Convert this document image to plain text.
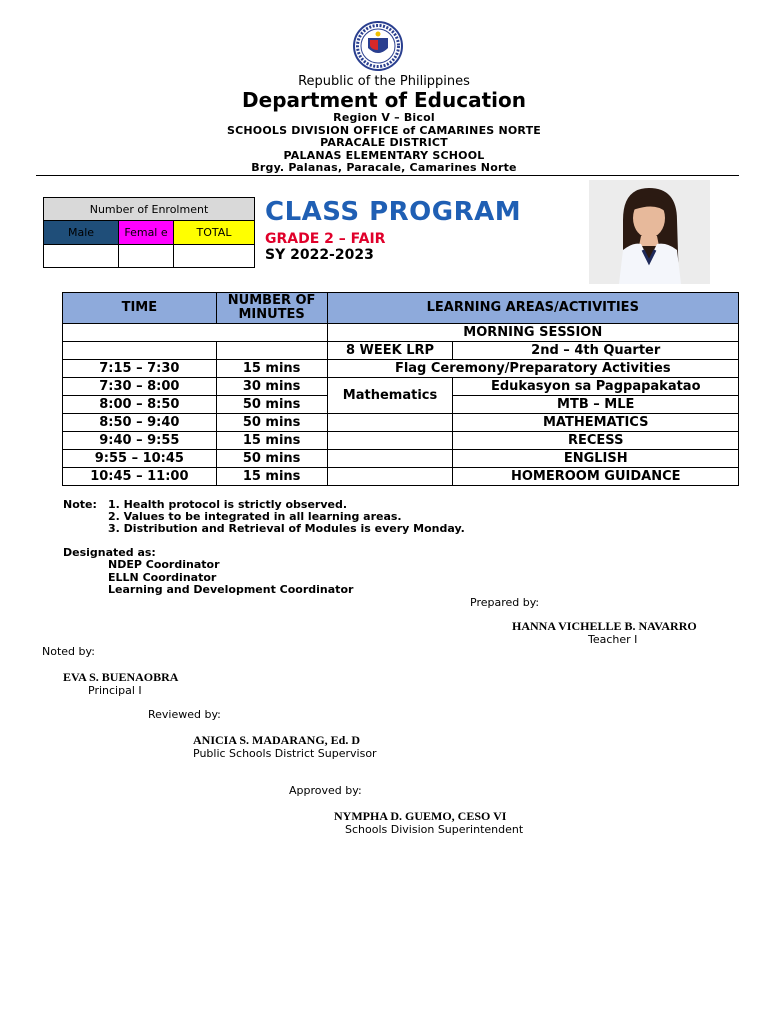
Republic of the Philippines
Department of Education
Region V – Bicol
SCHOOLS DIVISION OFFICE of CAMARINES NORTE
PARACALE DISTRICT
PALANAS ELEMENTARY SCHOOL
Brgy. Palanas, Paracale, Camarines Norte
Number of Enrolment		
Male	Femal e	TOTAL

CLASS PROGRAM
GRADE 2 – FAIR
SY 2022-2023
TIME	NUMBER OF MINUTES	LEARNING AREAS/ACTIVITIES	
		MORNING SESSION	
		8 WEEK LRP	2nd – 4th Quarter
7:15 – 7:30	15 mins	Flag Ceremony/Preparatory Activities	
7:30 – 8:00	30 mins	Mathematics	Edukasyon sa Pagpapakatao
8:00 – 8:50	50 mins		MTB – MLE
8:50 – 9:40	50 mins		MATHEMATICS
9:40 – 9:55	15 mins		RECESS
9:55 – 10:45	50 mins		ENGLISH
10:45 – 11:00	15 mins		HOMEROOM GUIDANCE
Note: 1. Health protocol is strictly observed.
2. Values to be integrated in all learning areas.
3. Distribution and Retrieval of Modules is every Monday.
Designated as:
NDEP Coordinator
ELLN Coordinator
Learning and Development Coordinator
Prepared by:
HANNA VICHELLE B. NAVARRO
Teacher I
Noted by:
EVA S. BUENAOBRA
Principal I
Reviewed by:
ANICIA S. MADARANG, Ed. D
Public Schools District Supervisor
Approved by:
NYMPHA D. GUEMO, CESO VI
Schools Division Superintendent
